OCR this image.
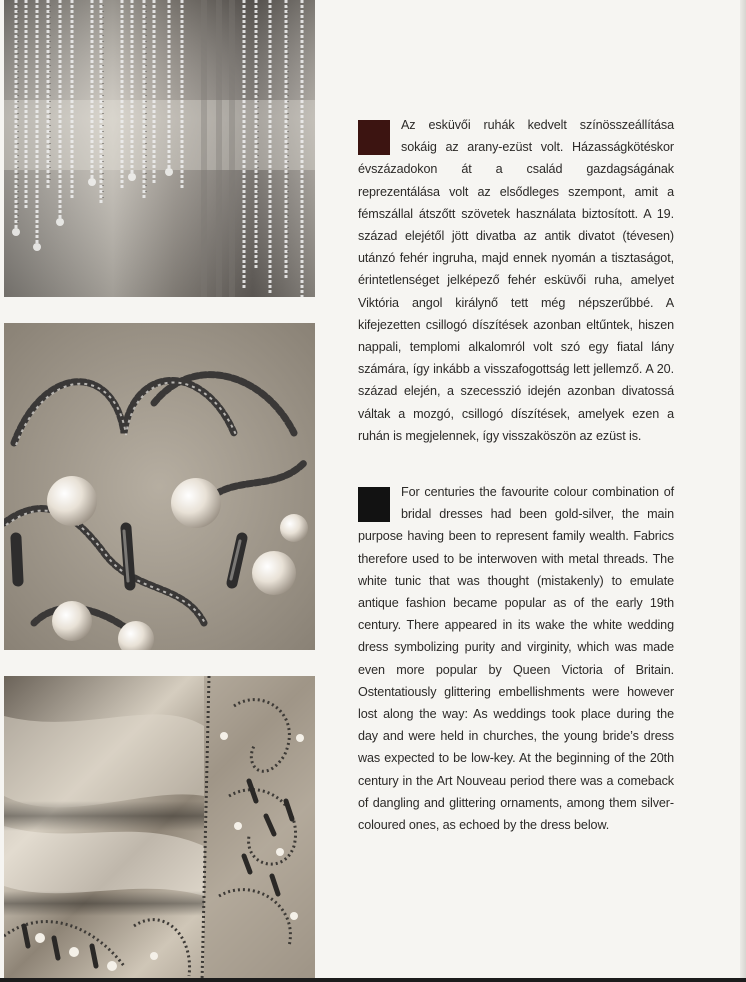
Az esküvői ruhák kedvelt színösszeállítása sokáig az arany-ezüst volt. Házasságkötéskor évszázadokon át a család gazdagságának reprezentálása volt az elsődleges szempont, amit a fémszállal átszőtt szövetek használata biztosított. A 19. század elejétől jött divatba az antik divatot (tévesen) utánzó fehér ingruha, majd ennek nyomán a tisztaságot, érintetlenséget jelképező fehér esküvői ruha, amelyet Viktória angol királynő tett még népszerűbbé. A kifejezetten csillogó díszítések azonban eltűntek, hiszen nappali, templomi alkalomról volt szó egy fiatal lány számára, így inkább a visszafogottság lett jellemző. A 20. század elején, a szecesszió idején azonban divatossá váltak a mozgó, csillogó díszítések, amelyek ezen a ruhán is megjelennek, így visszaköszön az ezüst is.

For centuries the favourite colour combination of bridal dresses had been gold-silver, the main purpose having been to represent family wealth. Fabrics therefore used to be interwoven with metal threads. The white tunic that was thought (mistakenly) to emulate antique fashion became popular as of the early 19th century. There appeared in its wake the white wedding dress symbolizing purity and virginity, which was made even more popular by Queen Victoria of Britain. Ostentatiously glittering embellishments were however lost along the way: As weddings took place during the day and were held in churches, the young bride’s dress was expected to be low-key. At the beginning of the 20th century in the Art Nouveau period there was a comeback of dangling and glittering ornaments, among them silver-coloured ones, as echoed by the dress below.
